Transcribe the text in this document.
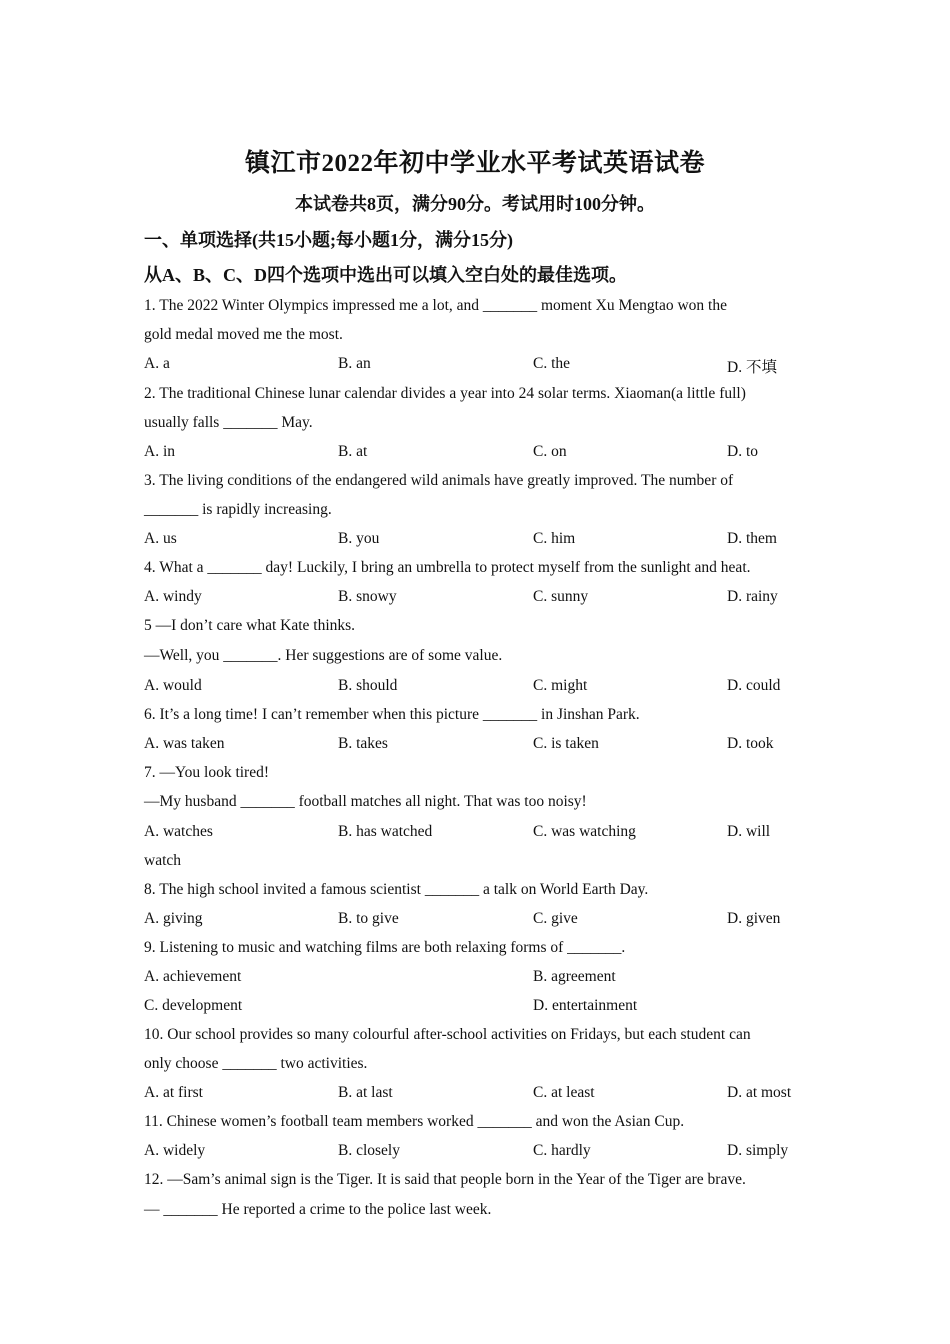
镇江市2022年初中学业水平考试英语试卷
本试卷共8页，满分90分。考试用时100分钟。
一、单项选择(共15小题;每小题1分，满分15分)
从A、B、C、D四个选项中选出可以填入空白处的最佳选项。
1. The 2022 Winter Olympics impressed me a lot, and _______ moment Xu Mengtao won the
gold medal moved me the most.
A. a	B. an	C. the	D. 不填
2. The traditional Chinese lunar calendar divides a year into 24 solar terms. Xiaoman(a little full)
usually falls _______ May.
A. in	B. at	C. on	D. to
3. The living conditions of the endangered wild animals have greatly improved. The number of
_______ is rapidly increasing.
A. us	B. you	C. him	D. them
4. What a _______ day! Luckily, I bring an umbrella to protect myself from the sunlight and heat.
A. windy	B. snowy	C. sunny	D. rainy
5 —I don’t care what Kate thinks.
—Well, you _______. Her suggestions are of some value.
A. would	B. should	C. might	D. could
6. It’s a long time! I can’t remember when this picture _______ in Jinshan Park.
A. was taken	B. takes	C. is taken	D. took
7. —You look tired!
—My husband _______ football matches all night. That was too noisy!
A. watches	B. has watched	C. was watching	D. will
watch
8. The high school invited a famous scientist _______ a talk on World Earth Day.
A. giving	B. to give	C. give	D. given
9. Listening to music and watching films are both relaxing forms of _______.
A. achievement	B. agreement
C. development	D. entertainment
10. Our school provides so many colourful after-school activities on Fridays, but each student can
only choose _______ two activities.
A. at first	B. at last	C. at least	D. at most
11. Chinese women’s football team members worked _______ and won the Asian Cup.
A. widely	B. closely	C. hardly	D. simply
12. —Sam’s animal sign is the Tiger. It is said that people born in the Year of the Tiger are brave.
— _______ He reported a crime to the police last week.
